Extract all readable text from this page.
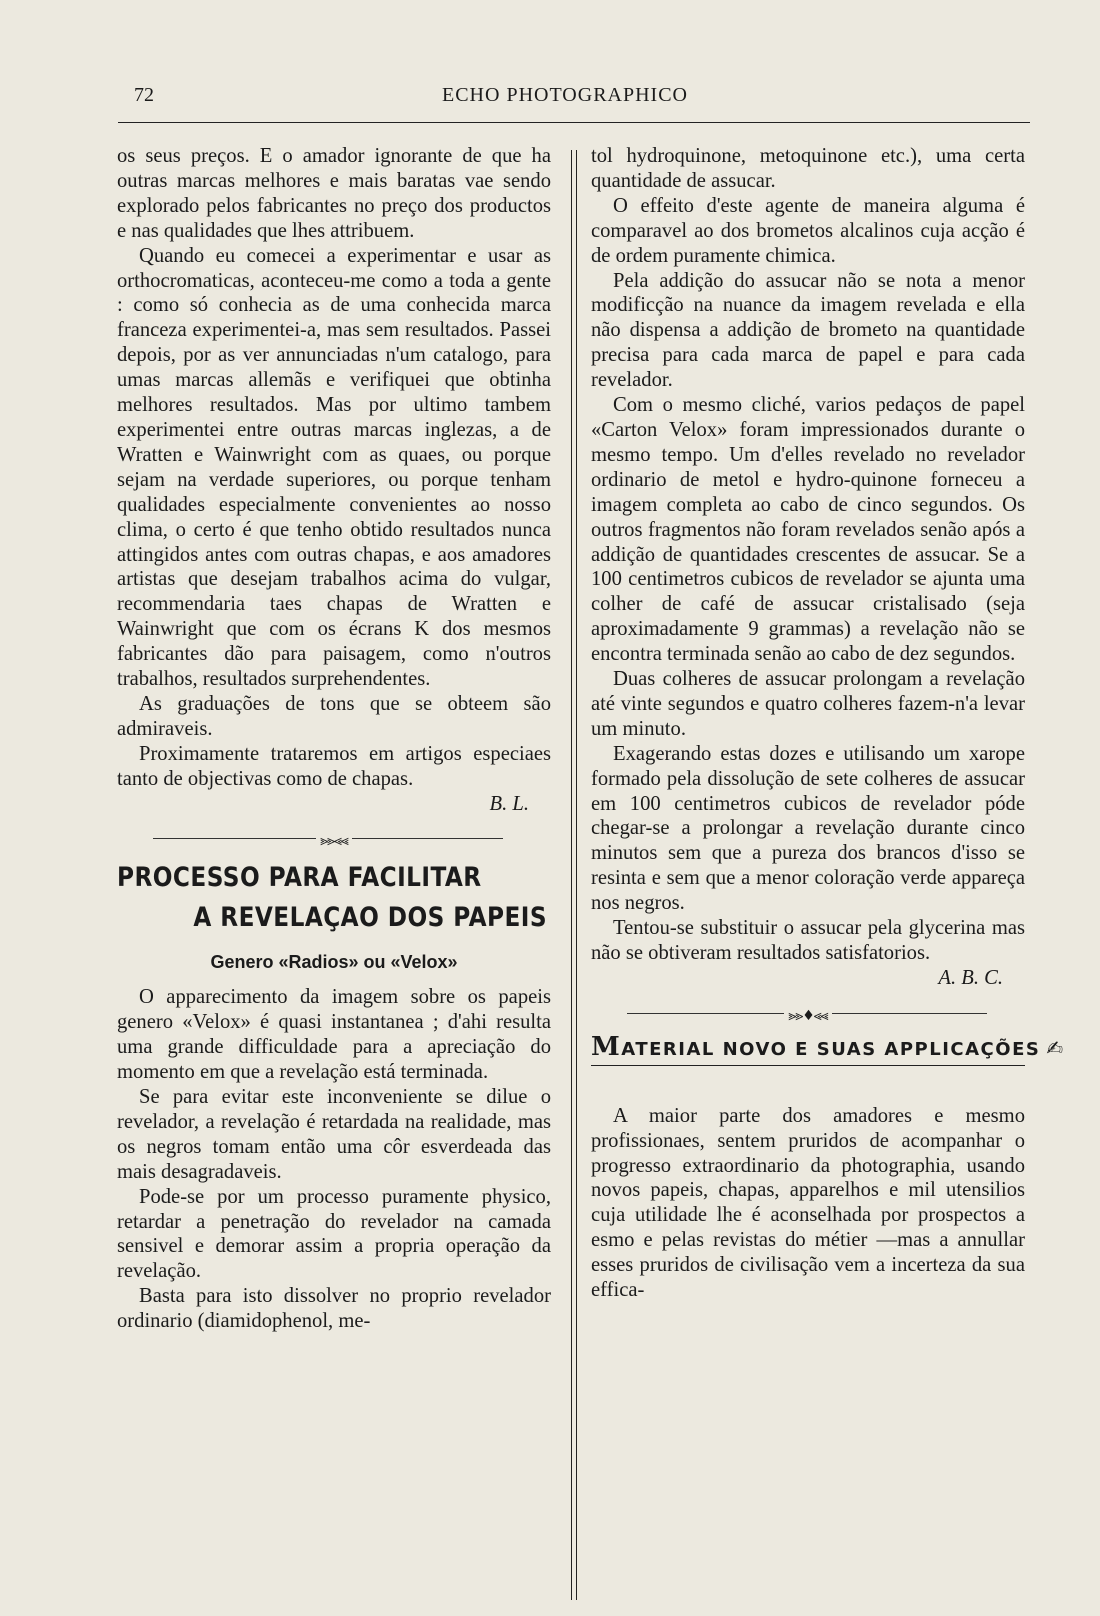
72	ECHO PHOTOGRAPHICO

os seus preços. E o amador ignorante de que ha outras marcas melhores e mais baratas vae sendo explorado pelos fabricantes no preço dos productos e nas qualidades que lhes attribuem.

Quando eu comecei a experimentar e usar as orthocromaticas, aconteceu-me como a toda a gente : como só conhecia as de uma conhecida marca franceza experimentei-a, mas sem resultados. Passei depois, por as ver annunciadas n'um catalogo, para umas marcas allemãs e verifiquei que obtinha melhores resultados. Mas por ultimo tambem experimentei entre outras marcas inglezas, a de Wratten e Wainwright com as quaes, ou porque sejam na verdade superiores, ou porque tenham qualidades especialmente convenientes ao nosso clima, o certo é que tenho obtido resultados nunca attingidos antes com outras chapas, e aos amadores artistas que desejam trabalhos acima do vulgar, recommendaria taes chapas de Wratten e Wainwright que com os écrans K dos mesmos fabricantes dão para paisagem, como n'outros trabalhos, resultados surprehendentes.

As graduações de tons que se obteem são admiraveis.

Proximamente trataremos em artigos especiaes tanto de objectivas como de chapas.

B. L.
⪢⪢⪡⪡
PROCESSO PARA FACILITAR
A REVELAÇAO DOS PAPEIS
Genero «Radios» ou «Velox»

O apparecimento da imagem sobre os papeis genero «Velox» é quasi instantanea ; d'ahi resulta uma grande difficuldade para a apreciação do momento em que a revelação está terminada.

Se para evitar este inconveniente se dilue o revelador, a revelação é retardada na realidade, mas os negros tomam então uma côr esverdeada das mais desagradaveis.

Pode-se por um processo puramente physico, retardar a penetração do revelador na camada sensivel e demorar assim a propria operação da revelação.

Basta para isto dissolver no proprio revelador ordinario (diamidophenol, me-

tol hydroquinone, metoquinone etc.), uma certa quantidade de assucar.

O effeito d'este agente de maneira alguma é comparavel ao dos brometos alcalinos cuja acção é de ordem puramente chimica.

Pela addição do assucar não se nota a menor modificção na nuance da imagem revelada e ella não dispensa a addição de brometo na quantidade precisa para cada marca de papel e para cada revelador.

Com o mesmo cliché, varios pedaços de papel «Carton Velox» foram impressionados durante o mesmo tempo. Um d'elles revelado no revelador ordinario de metol e hydro-quinone forneceu a imagem completa ao cabo de cinco segundos. Os outros fragmentos não foram revelados senão após a addição de quantidades crescentes de assucar. Se a 100 centimetros cubicos de revelador se ajunta uma colher de café de assucar cristalisado (seja aproximadamente 9 grammas) a revelação não se encontra terminada senão ao cabo de dez segundos.

Duas colheres de assucar prolongam a revelação até vinte segundos e quatro colheres fazem-n'a levar um minuto.

Exagerando estas dozes e utilisando um xarope formado pela dissolução de sete colheres de assucar em 100 centimetros cubicos de revelador póde chegar-se a prolongar a revelação durante cinco minutos sem que a pureza dos brancos d'isso se resinta e sem que a menor coloração verde appareça nos negros.

Tentou-se substituir o assucar pela glycerina mas não se obtiveram resultados satisfatorios.

A. B. C.
⪢⪢♦⪡⪡
MATERIAL NOVO E SUAS APPLICAÇÕES ✍

A maior parte dos amadores e mesmo profissionaes, sentem pruridos de acompanhar o progresso extraordinario da photographia, usando novos papeis, chapas, apparelhos e mil utensilios cuja utilidade lhe é aconselhada por prospectos a esmo e pelas revistas do métier —mas a annullar esses pruridos de civilisação vem a incerteza da sua effica-
